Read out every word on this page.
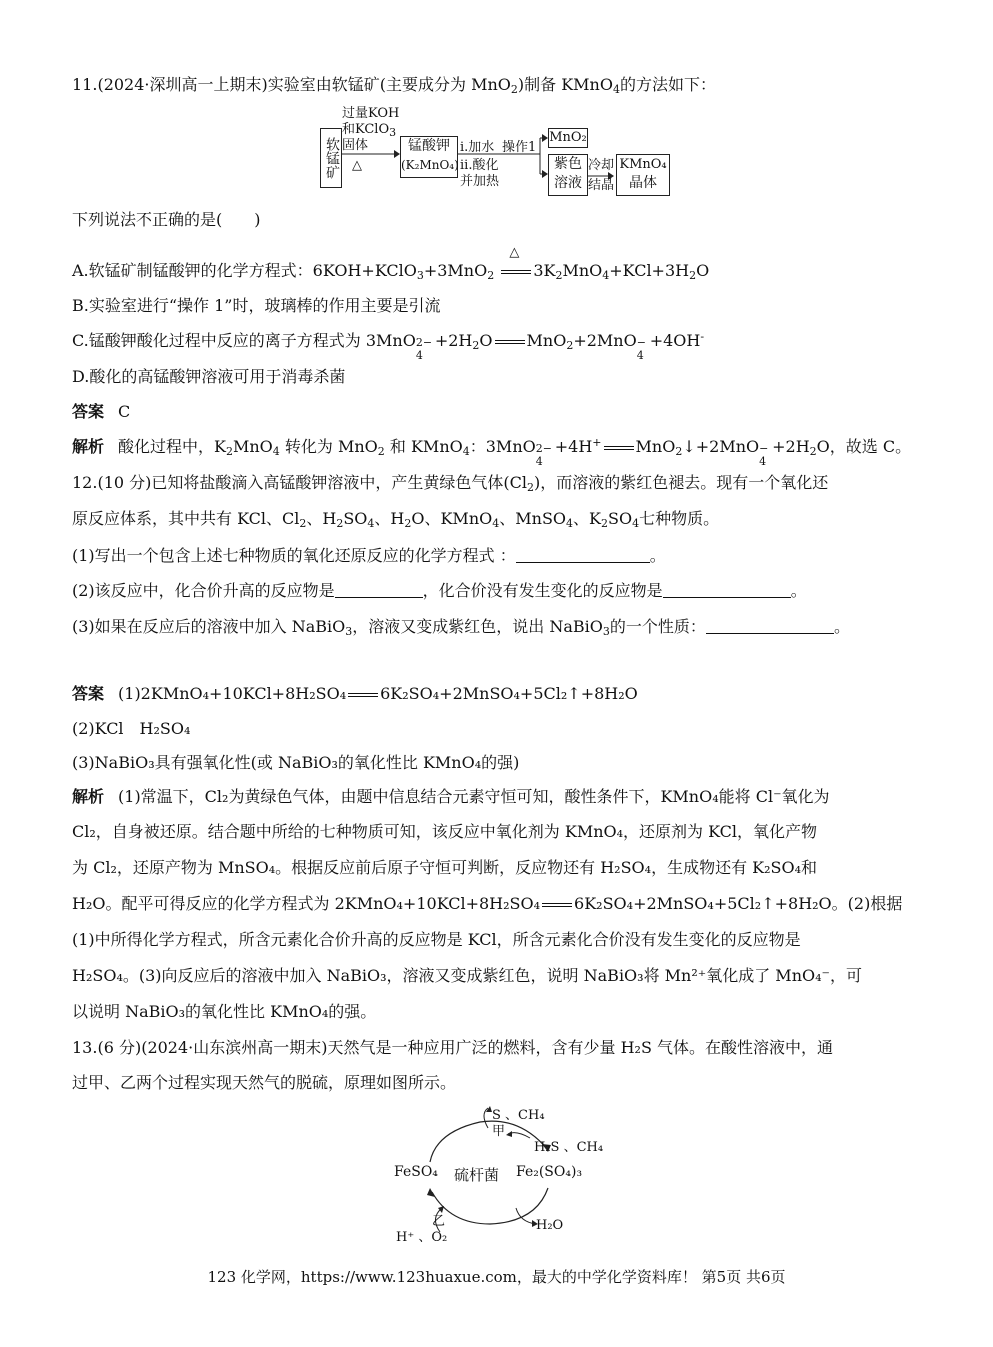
11.(2024·深圳高一上期末)实验室由软锰矿(主要成分为 MnO$_2$)制备 KMnO$_4$的方法如下：
软锰矿
过量KOH
和KClO$_3$
固体
△
锰酸钾
(K₂MnO₄)
i.加水
ii.酸化
并加热
操作1
MnO₂
紫色溶液
冷却
结晶
KMnO₄
晶体
下列说法不正确的是(　　)
A.软锰矿制锰酸钾的化学方程式：6KOH+KClO$_3$+3MnO$_2$
△
$3K_2MnO_4+KCl+3H_2O$
B.实验室进行“操作 1”时，玻璃棒的作用主要是引流
C.锰酸钾酸化过程中反应的离子方程式为 3MnO 2−
4
$+2H_2O$ MnO$_2$+2MnO −
4
+4OH-
D.酸化的高锰酸钾溶液可用于消毒杀菌
答案 C
解析 酸化过程中，$K_2MnO_4$ 转化为 MnO$_2$ 和 KMnO$_4$：3MnO 2−
4
+4H+ MnO$_2$↓+2MnO −
4
$+2H_2O$，故选 C。
12.(10 分)已知将盐酸滴入高锰酸钾溶液中，产生黄绿色气体$(Cl_2)$，而溶液的紫红色褪去。现有一个氧化还
原反应体系，其中共有 KCl、$Cl_2$、$H_2SO_4$、$H_2O$、KMnO$_4$、MnSO$_4$、$K_2SO_4$七种物质。
(1)写出一个包含上述七种物质的氧化还原反应的化学方程式 ：	。
(2)该反应中，化合价升高的反应物是	，化合价没有发生变化的反应物是	。
(3)如果在反应后的溶液中加入 NaBiO$_3$，溶液又变成紫红色，说出 NaBiO$_3$的一个性质：	。
答案 (1)2KMnO₄+10KCl+8H₂SO₄ 6K₂SO₄+2MnSO₄+5Cl₂↑+8H₂O
(2)KCl　H₂SO₄
(3)NaBiO₃具有强氧化性(或 NaBiO₃的氧化性比 KMnO₄的强)
解析 (1)常温下，Cl₂为黄绿色气体，由题中信息结合元素守恒可知，酸性条件下，KMnO₄能将 Cl⁻氧化为
Cl₂，自身被还原。结合题中所给的七种物质可知，该反应中氧化剂为 KMnO₄，还原剂为 KCl，氧化产物
为 Cl₂，还原产物为 MnSO₄。根据反应前后原子守恒可判断，反应物还有 H₂SO₄，生成物还有 K₂SO₄和
H₂O。配平可得反应的化学方程式为 2KMnO₄+10KCl+8H₂SO₄ 6K₂SO₄+2MnSO₄+5Cl₂↑+8H₂O。(2)根据
(1)中所得化学方程式，所含元素化合价升高的反应物是 KCl，所含元素化合价没有发生变化的反应物是
H₂SO₄。(3)向反应后的溶液中加入 NaBiO₃，溶液又变成紫红色，说明 NaBiO₃将 Mn²⁺氧化成了 MnO₄⁻，可
以说明 NaBiO₃的氧化性比 KMnO₄的强。
13.(6 分)(2024·山东滨州高一期末)天然气是一种应用广泛的燃料，含有少量 H₂S 气体。在酸性溶液中，通
过甲、乙两个过程实现天然气的脱硫，原理如图所示。
S 、CH₄
甲
H₂S 、CH₄
FeSO₄ 硫杆菌 Fe₂(SO₄)₃
乙
H⁺ 、O₂
H₂O
123 化学网，https://www.123huaxue.com，最大的中学化学资料库！ 第5页 共6页
